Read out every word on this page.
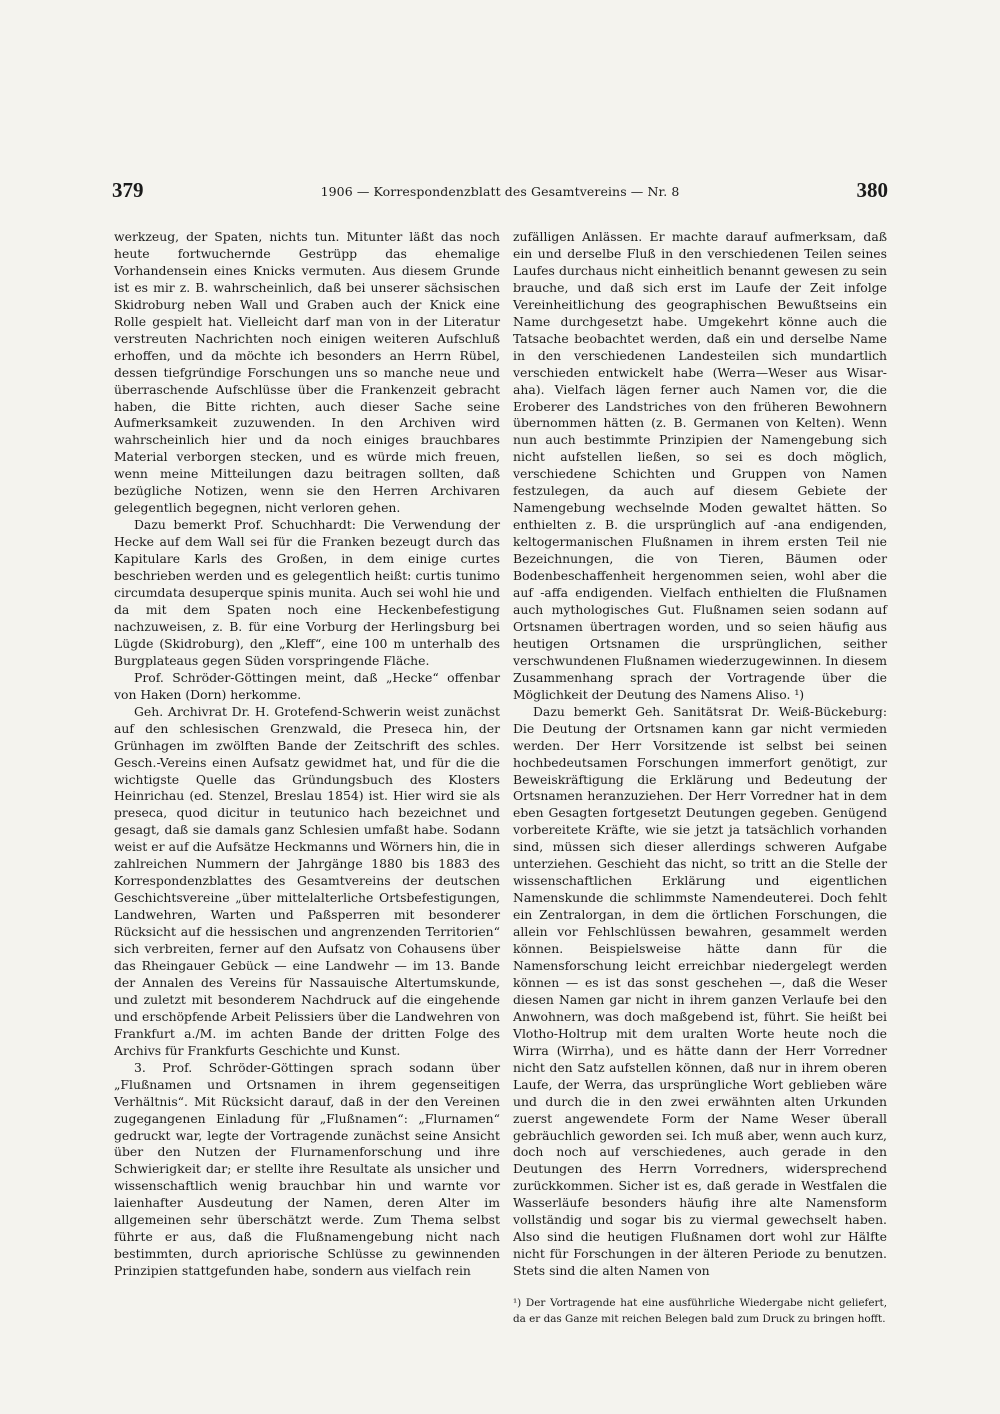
379	1906 — Korrespondenzblatt des Gesamtvereins — Nr. 8	380

werkzeug, der Spaten, nichts tun. Mitunter läßt das noch heute fortwuchernde Gestrüpp das ehemalige Vorhandensein eines Knicks vermuten. Aus diesem Grunde ist es mir z. B. wahrscheinlich, daß bei unserer sächsischen Skidroburg neben Wall und Graben auch der Knick eine Rolle gespielt hat. Vielleicht darf man von in der Literatur verstreuten Nachrichten noch einigen weiteren Aufschluß erhoffen, und da möchte ich besonders an Herrn Rübel, dessen tiefgründige Forschungen uns so manche neue und überraschende Aufschlüsse über die Frankenzeit gebracht haben, die Bitte richten, auch dieser Sache seine Aufmerksamkeit zuzuwenden. In den Archiven wird wahrscheinlich hier und da noch einiges brauchbares Material verborgen stecken, und es würde mich freuen, wenn meine Mitteilungen dazu beitragen sollten, daß bezügliche Notizen, wenn sie den Herren Archivaren gelegentlich begegnen, nicht verloren gehen.

Dazu bemerkt Prof. Schuchhardt: Die Verwendung der Hecke auf dem Wall sei für die Franken bezeugt durch das Kapitulare Karls des Großen, in dem einige curtes beschrieben werden und es gelegentlich heißt: curtis tunimo circumdata desuperque spinis munita. Auch sei wohl hie und da mit dem Spaten noch eine Heckenbefestigung nachzuweisen, z. B. für eine Vorburg der Herlingsburg bei Lügde (Skidroburg), den „Kleff“, eine 100 m unterhalb des Burgplateaus gegen Süden vorspringende Fläche.

Prof. Schröder-Göttingen meint, daß „Hecke“ offenbar von Haken (Dorn) herkomme.

Geh. Archivrat Dr. H. Grotefend-Schwerin weist zunächst auf den schlesischen Grenzwald, die Preseca hin, der Grünhagen im zwölften Bande der Zeitschrift des schles. Gesch.-Vereins einen Aufsatz gewidmet hat, und für die die wichtigste Quelle das Gründungsbuch des Klosters Heinrichau (ed. Stenzel, Breslau 1854) ist. Hier wird sie als preseca, quod dicitur in teutunico hach bezeichnet und gesagt, daß sie damals ganz Schlesien umfaßt habe. Sodann weist er auf die Aufsätze Heckmanns und Wörners hin, die in zahlreichen Nummern der Jahrgänge 1880 bis 1883 des Korrespondenzblattes des Gesamtvereins der deutschen Geschichtsvereine „über mittelalterliche Ortsbefestigungen, Landwehren, Warten und Paßsperren mit besonderer Rücksicht auf die hessischen und angrenzenden Territorien“ sich verbreiten, ferner auf den Aufsatz von Cohausens über das Rheingauer Gebück — eine Landwehr — im 13. Bande der Annalen des Vereins für Nassauische Altertumskunde, und zuletzt mit besonderem Nachdruck auf die eingehende und erschöpfende Arbeit Pelissiers über die Landwehren von Frankfurt a./M. im achten Bande der dritten Folge des Archivs für Frankfurts Geschichte und Kunst.

3. Prof. Schröder-Göttingen sprach sodann über „Flußnamen und Ortsnamen in ihrem gegenseitigen Verhältnis“. Mit Rücksicht darauf, daß in der den Vereinen zugegangenen Einladung für „Flußnamen“: „Flurnamen“ gedruckt war, legte der Vortragende zunächst seine Ansicht über den Nutzen der Flurnamenforschung und ihre Schwierigkeit dar; er stellte ihre Resultate als unsicher und wissenschaftlich wenig brauchbar hin und warnte vor laienhafter Ausdeutung der Namen, deren Alter im allgemeinen sehr überschätzt werde. Zum Thema selbst führte er aus, daß die Flußnamengebung nicht nach bestimmten, durch apriorische Schlüsse zu gewinnenden Prinzipien stattgefunden habe, sondern aus vielfach rein

zufälligen Anlässen. Er machte darauf aufmerksam, daß ein und derselbe Fluß in den verschiedenen Teilen seines Laufes durchaus nicht einheitlich benannt gewesen zu sein brauche, und daß sich erst im Laufe der Zeit infolge Vereinheitlichung des geographischen Bewußtseins ein Name durchgesetzt habe. Umgekehrt könne auch die Tatsache beobachtet werden, daß ein und derselbe Name in den verschiedenen Landesteilen sich mundartlich verschieden entwickelt habe (Werra—Weser aus Wisar-aha). Vielfach lägen ferner auch Namen vor, die die Eroberer des Landstriches von den früheren Bewohnern übernommen hätten (z. B. Germanen von Kelten). Wenn nun auch bestimmte Prinzipien der Namengebung sich nicht aufstellen ließen, so sei es doch möglich, verschiedene Schichten und Gruppen von Namen festzulegen, da auch auf diesem Gebiete der Namengebung wechselnde Moden gewaltet hätten. So enthielten z. B. die ursprünglich auf -ana endigenden, keltogermanischen Flußnamen in ihrem ersten Teil nie Bezeichnungen, die von Tieren, Bäumen oder Bodenbeschaffenheit hergenommen seien, wohl aber die auf -affa endigenden. Vielfach enthielten die Flußnamen auch mythologisches Gut. Flußnamen seien sodann auf Ortsnamen übertragen worden, und so seien häufig aus heutigen Ortsnamen die ursprünglichen, seither verschwundenen Flußnamen wiederzugewinnen. In diesem Zusammenhang sprach der Vortragende über die Möglichkeit der Deutung des Namens Aliso. ¹)

Dazu bemerkt Geh. Sanitätsrat Dr. Weiß-Bückeburg: Die Deutung der Ortsnamen kann gar nicht vermieden werden. Der Herr Vorsitzende ist selbst bei seinen hochbedeutsamen Forschungen immerfort genötigt, zur Beweiskräftigung die Erklärung und Bedeutung der Ortsnamen heranzuziehen. Der Herr Vorredner hat in dem eben Gesagten fortgesetzt Deutungen gegeben. Genügend vorbereitete Kräfte, wie sie jetzt ja tatsächlich vorhanden sind, müssen sich dieser allerdings schweren Aufgabe unterziehen. Geschieht das nicht, so tritt an die Stelle der wissenschaftlichen Erklärung und eigentlichen Namenskunde die schlimmste Namendeuterei. Doch fehlt ein Zentralorgan, in dem die örtlichen Forschungen, die allein vor Fehlschlüssen bewahren, gesammelt werden können. Beispielsweise hätte dann für die Namensforschung leicht erreichbar niedergelegt werden können — es ist das sonst geschehen —, daß die Weser diesen Namen gar nicht in ihrem ganzen Verlaufe bei den Anwohnern, was doch maßgebend ist, führt. Sie heißt bei Vlotho-Holtrup mit dem uralten Worte heute noch die Wirra (Wirrha), und es hätte dann der Herr Vorredner nicht den Satz aufstellen können, daß nur in ihrem oberen Laufe, der Werra, das ursprüngliche Wort geblieben wäre und durch die in den zwei erwähnten alten Urkunden zuerst angewendete Form der Name Weser überall gebräuchlich geworden sei. Ich muß aber, wenn auch kurz, doch noch auf verschiedenes, auch gerade in den Deutungen des Herrn Vorredners, widersprechend zurückkommen. Sicher ist es, daß gerade in Westfalen die Wasserläufe besonders häufig ihre alte Namensform vollständig und sogar bis zu viermal gewechselt haben. Also sind die heutigen Flußnamen dort wohl zur Hälfte nicht für Forschungen in der älteren Periode zu benutzen. Stets sind die alten Namen von

¹) Der Vortragende hat eine ausführliche Wiedergabe nicht geliefert, da er das Ganze mit reichen Belegen bald zum Druck zu bringen hofft.
